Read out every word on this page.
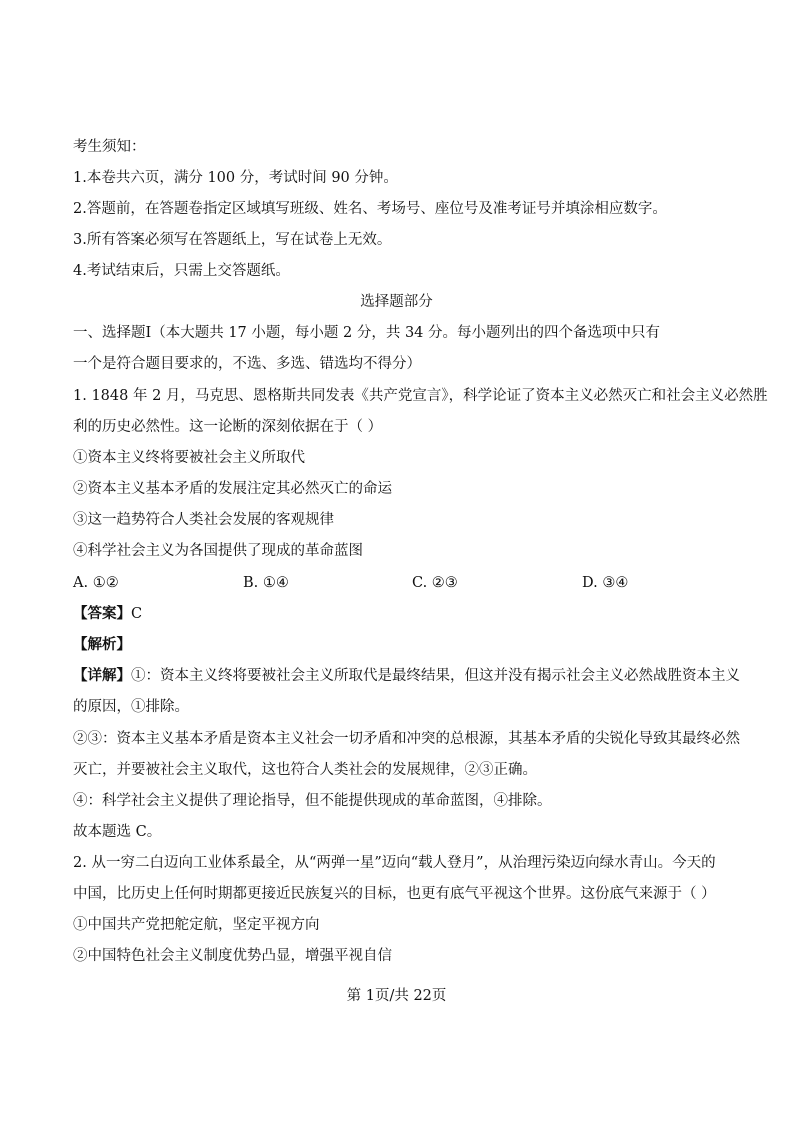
考生须知：
1.本卷共六页，满分 100 分，考试时间 90 分钟。
2.答题前，在答题卷指定区域填写班级、姓名、考场号、座位号及准考证号并填涂相应数字。
3.所有答案必须写在答题纸上，写在试卷上无效。
4.考试结束后，只需上交答题纸。
选择题部分
一、选择题Ⅰ（本大题共 17 小题，每小题 2 分，共 34 分。每小题列出的四个备选项中只有
一个是符合题目要求的，不选、多选、错选均不得分）
1. 1848 年 2 月，马克思、恩格斯共同发表《共产党宣言》，科学论证了资本主义必然灭亡和社会主义必然胜
利的历史必然性。这一论断的深刻依据在于（ ）
①资本主义终将要被社会主义所取代
②资本主义基本矛盾的发展注定其必然灭亡的命运
③这一趋势符合人类社会发展的客观规律
④科学社会主义为各国提供了现成的革命蓝图
A. ①②	B. ①④	C. ②③	D. ③④
【答案】C
【解析】
【详解】①：资本主义终将要被社会主义所取代是最终结果，但这并没有揭示社会主义必然战胜资本主义
的原因，①排除。
②③：资本主义基本矛盾是资本主义社会一切矛盾和冲突的总根源，其基本矛盾的尖锐化导致其最终必然
灭亡，并要被社会主义取代，这也符合人类社会的发展规律，②③正确。
④：科学社会主义提供了理论指导，但不能提供现成的革命蓝图，④排除。
故本题选 C。
2. 从一穷二白迈向工业体系最全，从“两弹一星”迈向“载人登月”，从治理污染迈向绿水青山。今天的
中国，比历史上任何时期都更接近民族复兴的目标，也更有底气平视这个世界。这份底气来源于（ ）
①中国共产党把舵定航，坚定平视方向
②中国特色社会主义制度优势凸显，增强平视自信
第 1页/共 22页
